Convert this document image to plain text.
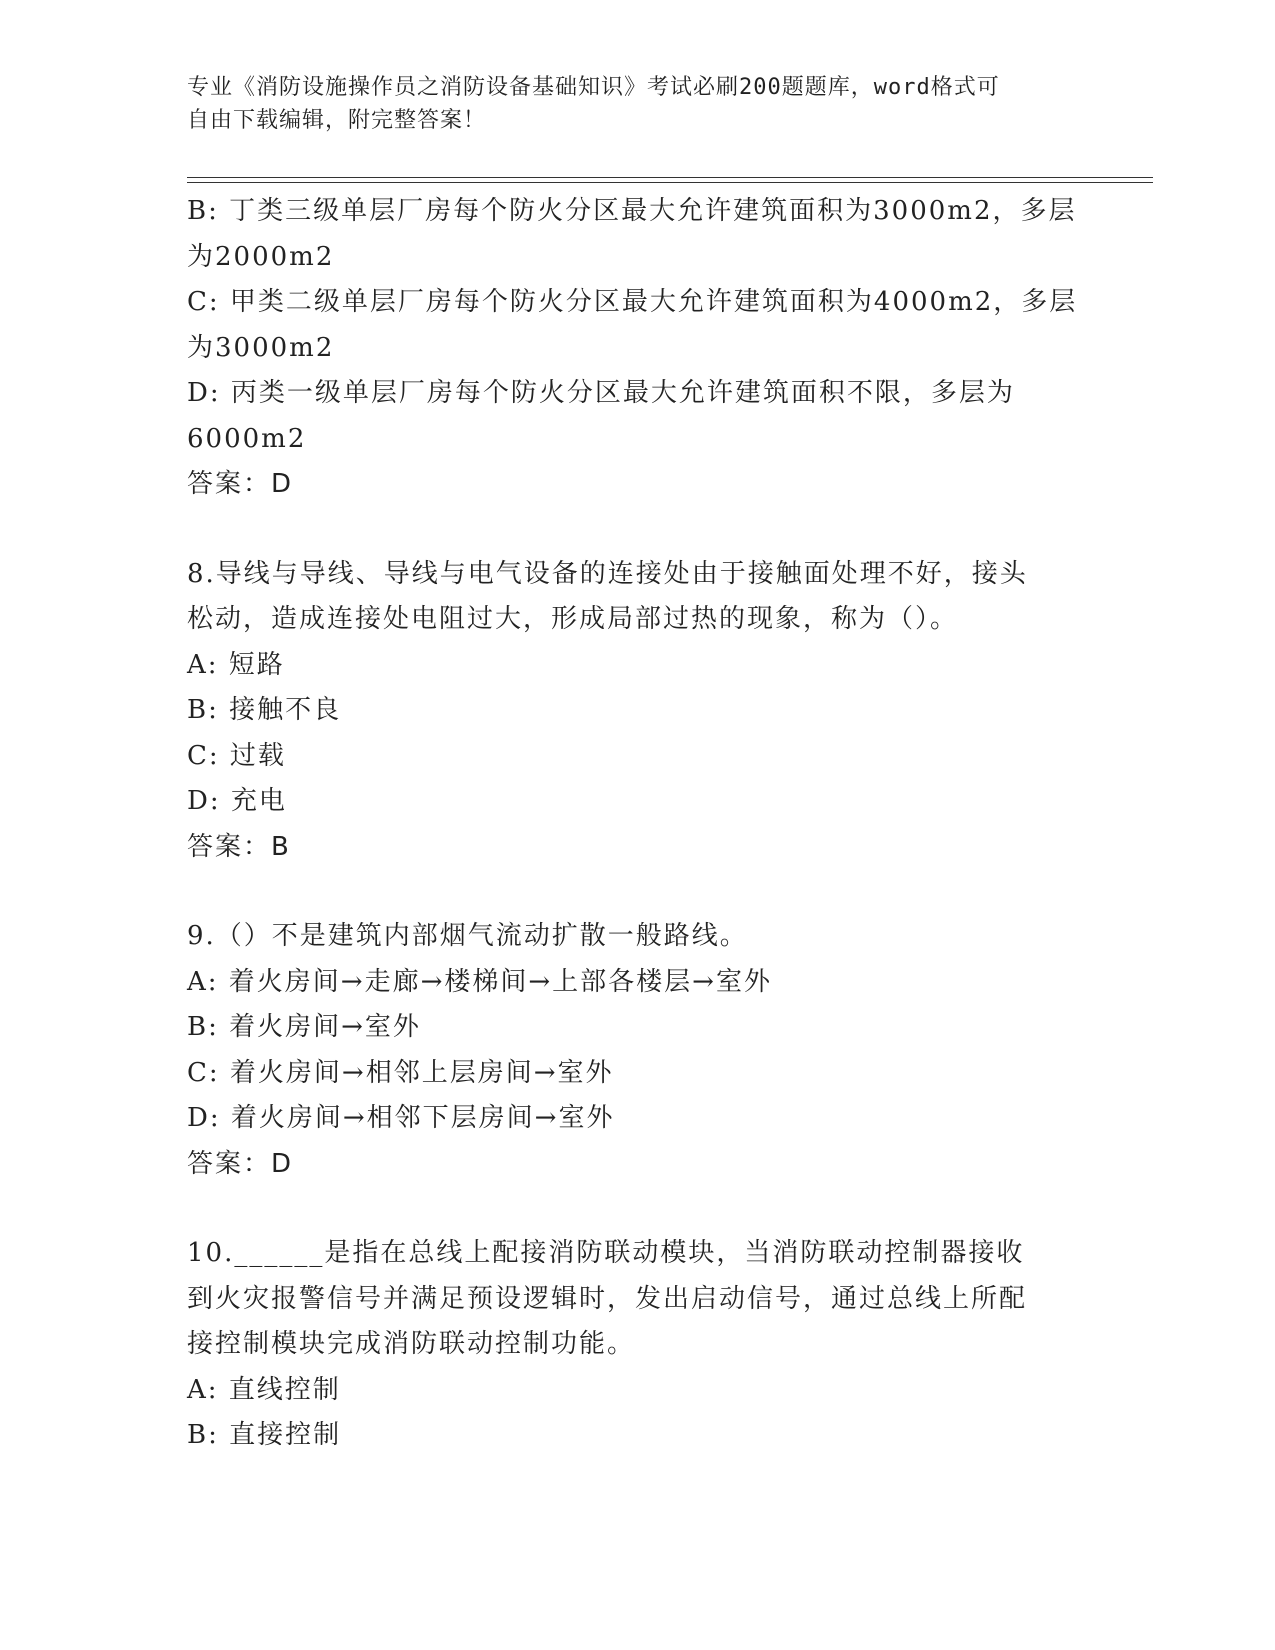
专业《消防设施操作员之消防设备基础知识》考试必刷200题题库，word格式可
自由下载编辑，附完整答案！
B: 丁类三级单层厂房每个防火分区最大允许建筑面积为3000m2，多层
为2000m2
C: 甲类二级单层厂房每个防火分区最大允许建筑面积为4000m2，多层
为3000m2
D: 丙类一级单层厂房每个防火分区最大允许建筑面积不限，多层为
6000m2
答案：D
8.导线与导线、导线与电气设备的连接处由于接触面处理不好，接头
松动，造成连接处电阻过大，形成局部过热的现象，称为（）。
A: 短路
B: 接触不良
C: 过载
D: 充电
答案：B
9.（）不是建筑内部烟气流动扩散一般路线。
A: 着火房间→走廊→楼梯间→上部各楼层→室外
B: 着火房间→室外
C: 着火房间→相邻上层房间→室外
D: 着火房间→相邻下层房间→室外
答案：D
10.______是指在总线上配接消防联动模块，当消防联动控制器接收
到火灾报警信号并满足预设逻辑时，发出启动信号，通过总线上所配
接控制模块完成消防联动控制功能。
A: 直线控制
B: 直接控制
